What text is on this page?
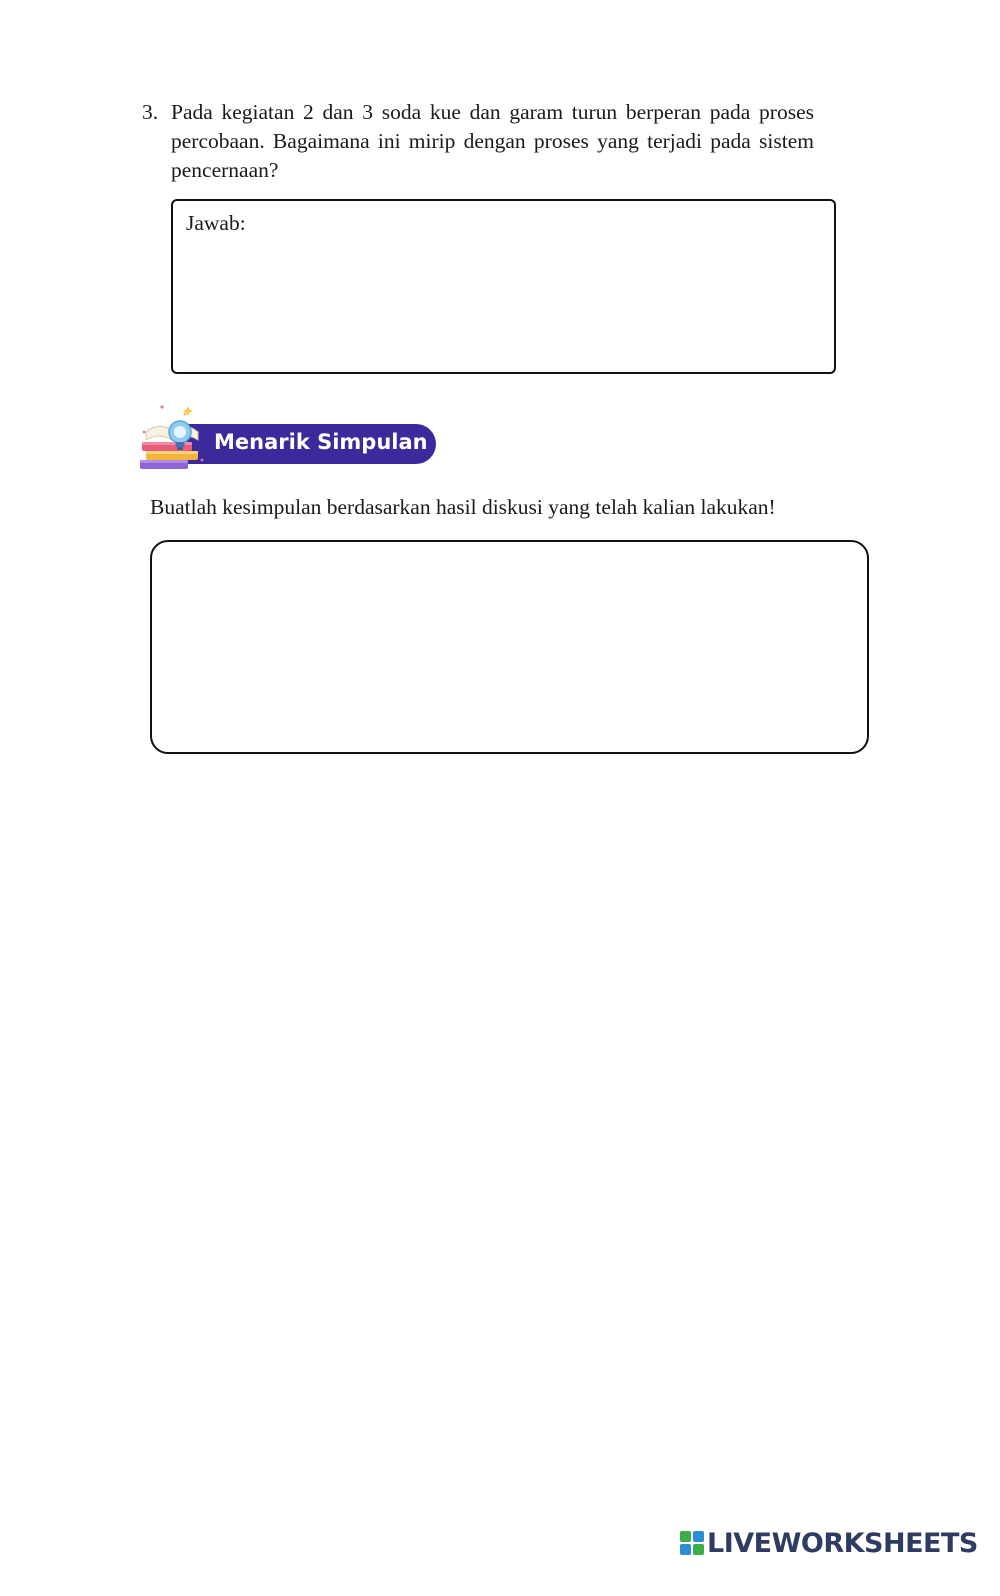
3. Pada kegiatan 2 dan 3 soda kue dan garam turun berperan pada proses
percobaan. Bagaimana ini mirip dengan proses yang terjadi pada sistem
pencernaan?
Jawab:
Menarik Simpulan
Buatlah kesimpulan berdasarkan hasil diskusi yang telah kalian lakukan!
LIVEWORKSHEETS
